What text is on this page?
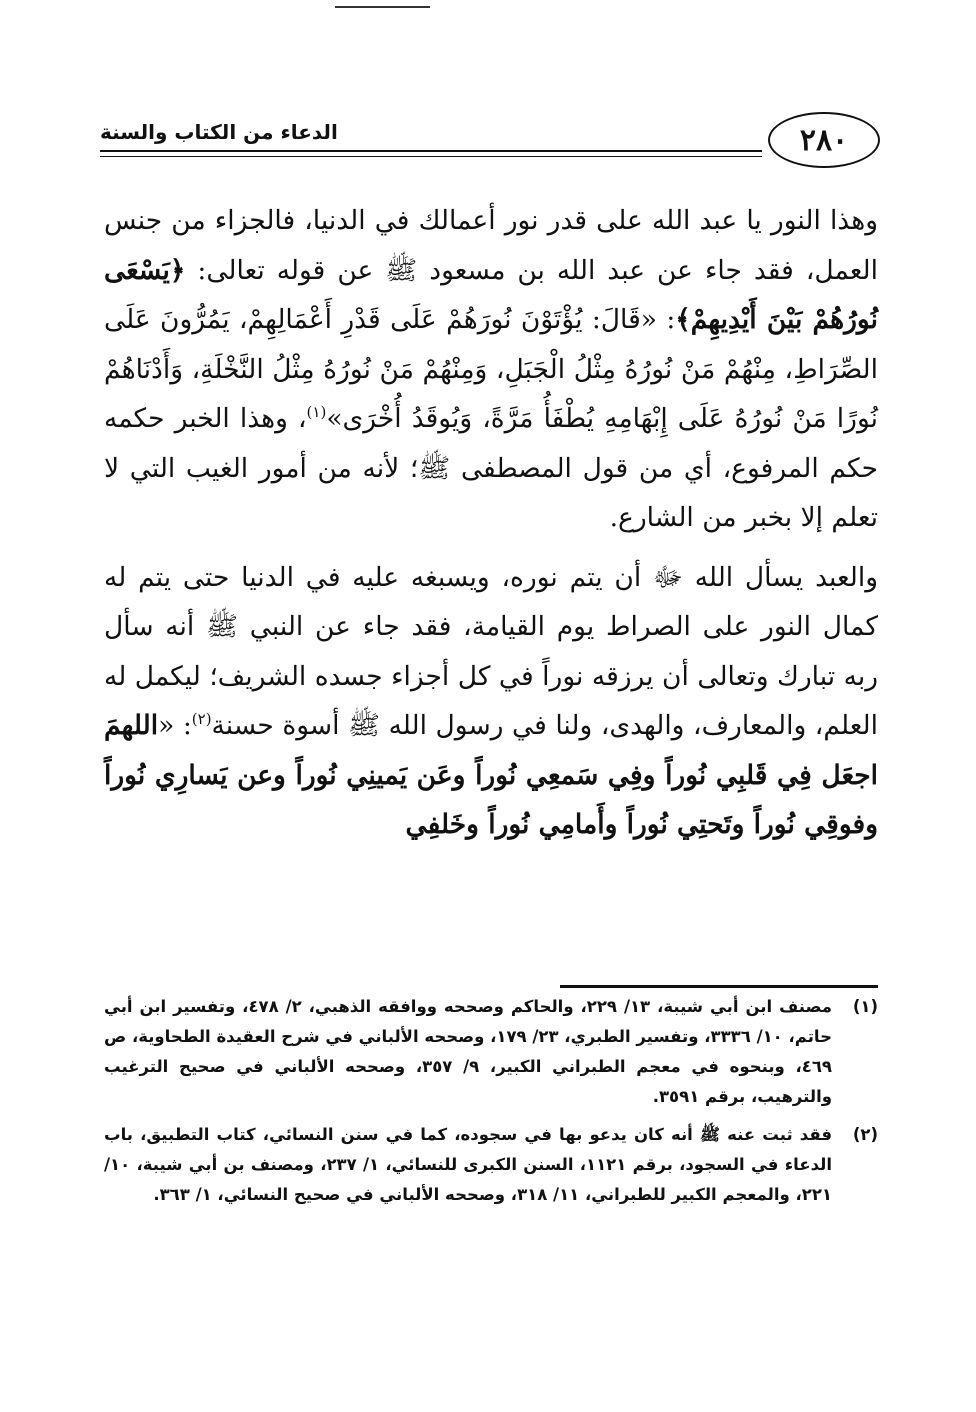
الدعاء من الكتاب والسنة	٢٨٠

وهذا النور يا عبد الله على قدر نور أعمالك في الدنيا، فالجزاء من جنس العمل، فقد جاء عن عبد الله بن مسعود ﷺ عن قوله تعالى: ﴿يَسْعَى نُورُهُمْ بَيْنَ أَيْدِيهِمْ﴾: «قَالَ: يُؤْتَوْنَ نُورَهُمْ عَلَى قَدْرِ أَعْمَالِهِمْ، يَمُرُّونَ عَلَى الصِّرَاطِ، مِنْهُمْ مَنْ نُورُهُ مِثْلُ الْجَبَلِ، وَمِنْهُمْ مَنْ نُورُهُ مِثْلُ النَّخْلَةِ، وَأَدْنَاهُمْ نُورًا مَنْ نُورُهُ عَلَى إِبْهَامِهِ يُطْفَأُ مَرَّةً، وَيُوقَدُ أُخْرَى»$^{(١)}$، وهذا الخبر حكمه حكم المرفوع، أي من قول المصطفى ﷺ؛ لأنه من أمور الغيب التي لا تعلم إلا بخبر من الشارع.

والعبد يسأل الله ﷻ أن يتم نوره، ويسبغه عليه في الدنيا حتى يتم له كمال النور على الصراط يوم القيامة، فقد جاء عن النبي ﷺ أنه سأل ربه تبارك وتعالى أن يرزقه نوراً في كل أجزاء جسده الشريف؛ ليكمل له العلم، والمعارف، والهدى، ولنا في رسول الله ﷺ أسوة حسنة$^{(٢)}$: «اللهمَ اجعَل فِي قَلبِي نُوراً وفِي سَمعِي نُوراً وعَن يَمينِي نُوراً وعن يَسارِي نُوراً وفوقِي نُوراً وتَحتِي نُوراً وأَمامِي نُوراً وخَلفِي

(١)
مصنف ابن أبي شيبة، ١٣/ ٢٢٩، والحاكم وصححه ووافقه الذهبي، ٢/ ٤٧٨، وتفسير ابن أبي حاتم، ١٠/ ٣٣٣٦، وتفسير الطبري، ٢٣/ ١٧٩، وصححه الألباني في شرح العقيدة الطحاوية، ص ٤٦٩، وبنحوه في معجم الطبراني الكبير، ٩/ ٣٥٧، وصححه الألباني في صحيح الترغيب والترهيب، برقم ٣٥٩١.
(٢)
فقد ثبت عنه ﷺ أنه كان يدعو بها في سجوده، كما في سنن النسائي، كتاب التطبيق، باب الدعاء في السجود، برقم ١١٢١، السنن الكبرى للنسائي، ١/ ٢٣٧، ومصنف بن أبي شيبة، ١٠/ ٢٢١، والمعجم الكبير للطبراني، ١١/ ٣١٨، وصححه الألباني في صحيح النسائي، ١/ ٣٦٣.
